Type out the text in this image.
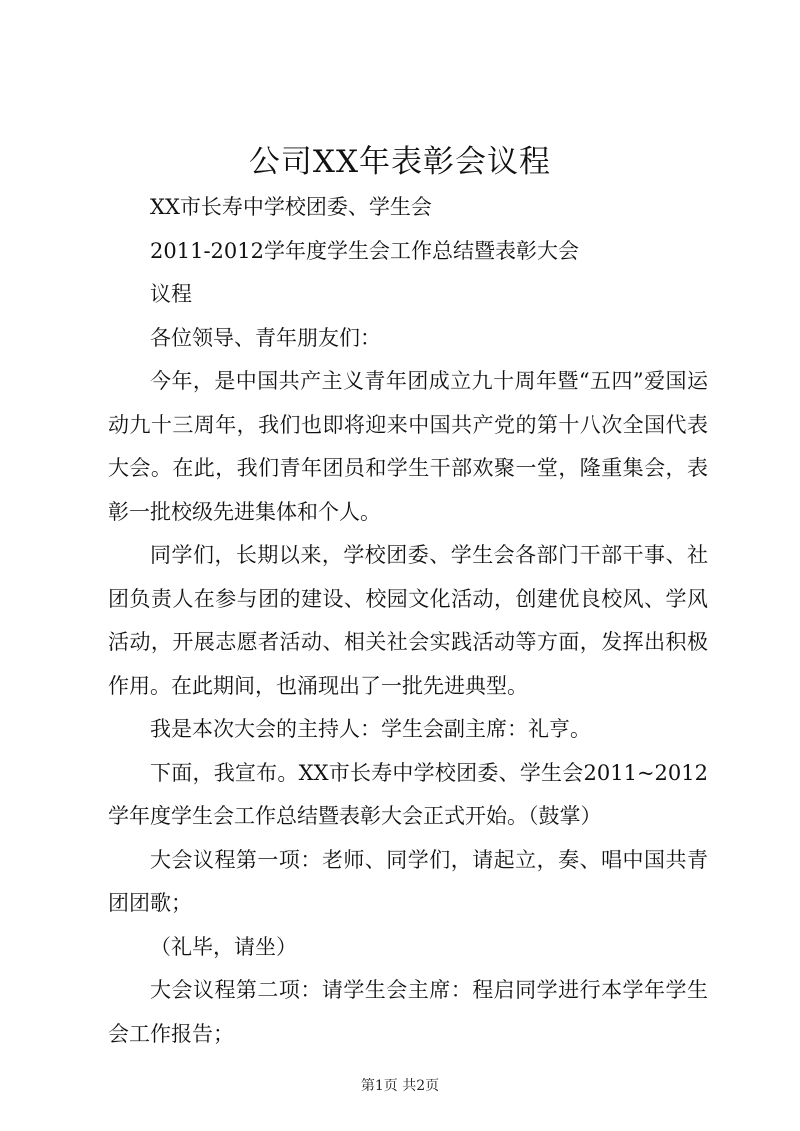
公司XX年表彰会议程

XX市长寿中学校团委、学生会

2011-2012学年度学生会工作总结暨表彰大会

议程

各位领导、青年朋友们：

今年，是中国共产主义青年团成立九十周年暨“五四”爱国运动九十三周年，我们也即将迎来中国共产党的第十八次全国代表大会。在此，我们青年团员和学生干部欢聚一堂，隆重集会，表彰一批校级先进集体和个人。

同学们，长期以来，学校团委、学生会各部门干部干事、社团负责人在参与团的建设、校园文化活动，创建优良校风、学风活动，开展志愿者活动、相关社会实践活动等方面，发挥出积极作用。在此期间，也涌现出了一批先进典型。

我是本次大会的主持人：学生会副主席：礼亨。

下面，我宣布。XX市长寿中学校团委、学生会2011~2012学年度学生会工作总结暨表彰大会正式开始。（鼓掌）

大会议程第一项：老师、同学们，请起立，奏、唱中国共青团团歌；

（礼毕，请坐）

大会议程第二项：请学生会主席：程启同学进行本学年学生会工作报告；

第1页 共2页
